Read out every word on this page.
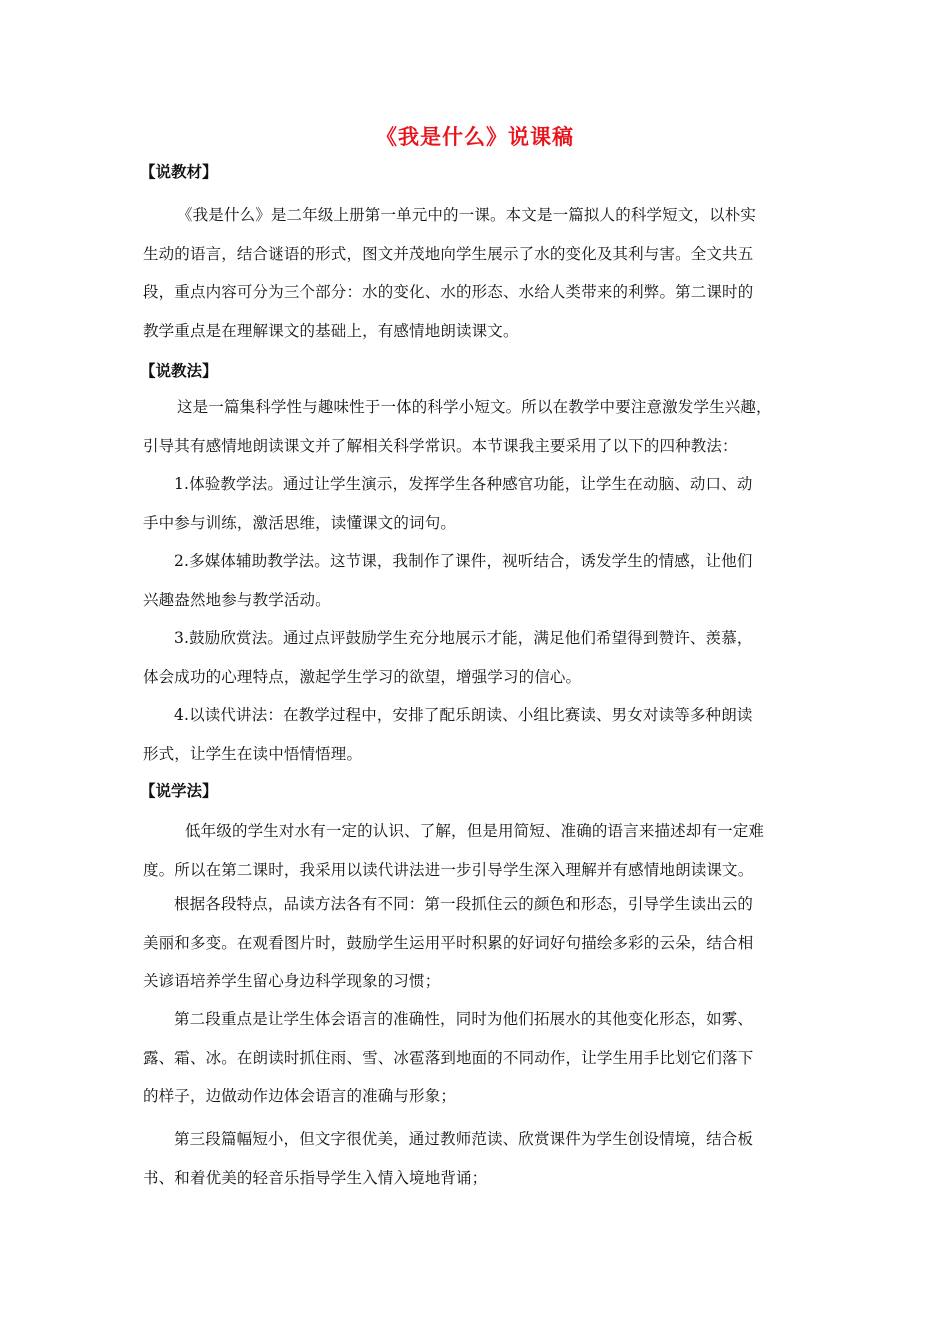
《我是什么》说课稿
【说教材】
《我是什么》是二年级上册第一单元中的一课。本文是一篇拟人的科学短文，以朴实
生动的语言，结合谜语的形式，图文并茂地向学生展示了水的变化及其利与害。全文共五
段，重点内容可分为三个部分：水的变化、水的形态、水给人类带来的利弊。第二课时的
教学重点是在理解课文的基础上，有感情地朗读课文。
【说教法】
这是一篇集科学性与趣味性于一体的科学小短文。所以在教学中要注意激发学生兴趣，
引导其有感情地朗读课文并了解相关科学常识。本节课我主要采用了以下的四种教法：
1.体验教学法。通过让学生演示，发挥学生各种感官功能，让学生在动脑、动口、动
手中参与训练，激活思维，读懂课文的词句。
2.多媒体辅助教学法。这节课，我制作了课件，视听结合，诱发学生的情感，让他们
兴趣盎然地参与教学活动。
3.鼓励欣赏法。通过点评鼓励学生充分地展示才能，满足他们希望得到赞许、羡慕，
体会成功的心理特点，激起学生学习的欲望，增强学习的信心。
4.以读代讲法：在教学过程中，安排了配乐朗读、小组比赛读、男女对读等多种朗读
形式，让学生在读中悟情悟理。
【说学法】
低年级的学生对水有一定的认识、了解，但是用简短、准确的语言来描述却有一定难
度。所以在第二课时，我采用以读代讲法进一步引导学生深入理解并有感情地朗读课文。
根据各段特点，品读方法各有不同：第一段抓住云的颜色和形态，引导学生读出云的
美丽和多变。在观看图片时，鼓励学生运用平时积累的好词好句描绘多彩的云朵，结合相
关谚语培养学生留心身边科学现象的习惯；
第二段重点是让学生体会语言的准确性，同时为他们拓展水的其他变化形态，如雾、
露、霜、冰。在朗读时抓住雨、雪、冰雹落到地面的不同动作，让学生用手比划它们落下
的样子，边做动作边体会语言的准确与形象；
第三段篇幅短小，但文字很优美，通过教师范读、欣赏课件为学生创设情境，结合板
书、和着优美的轻音乐指导学生入情入境地背诵；
